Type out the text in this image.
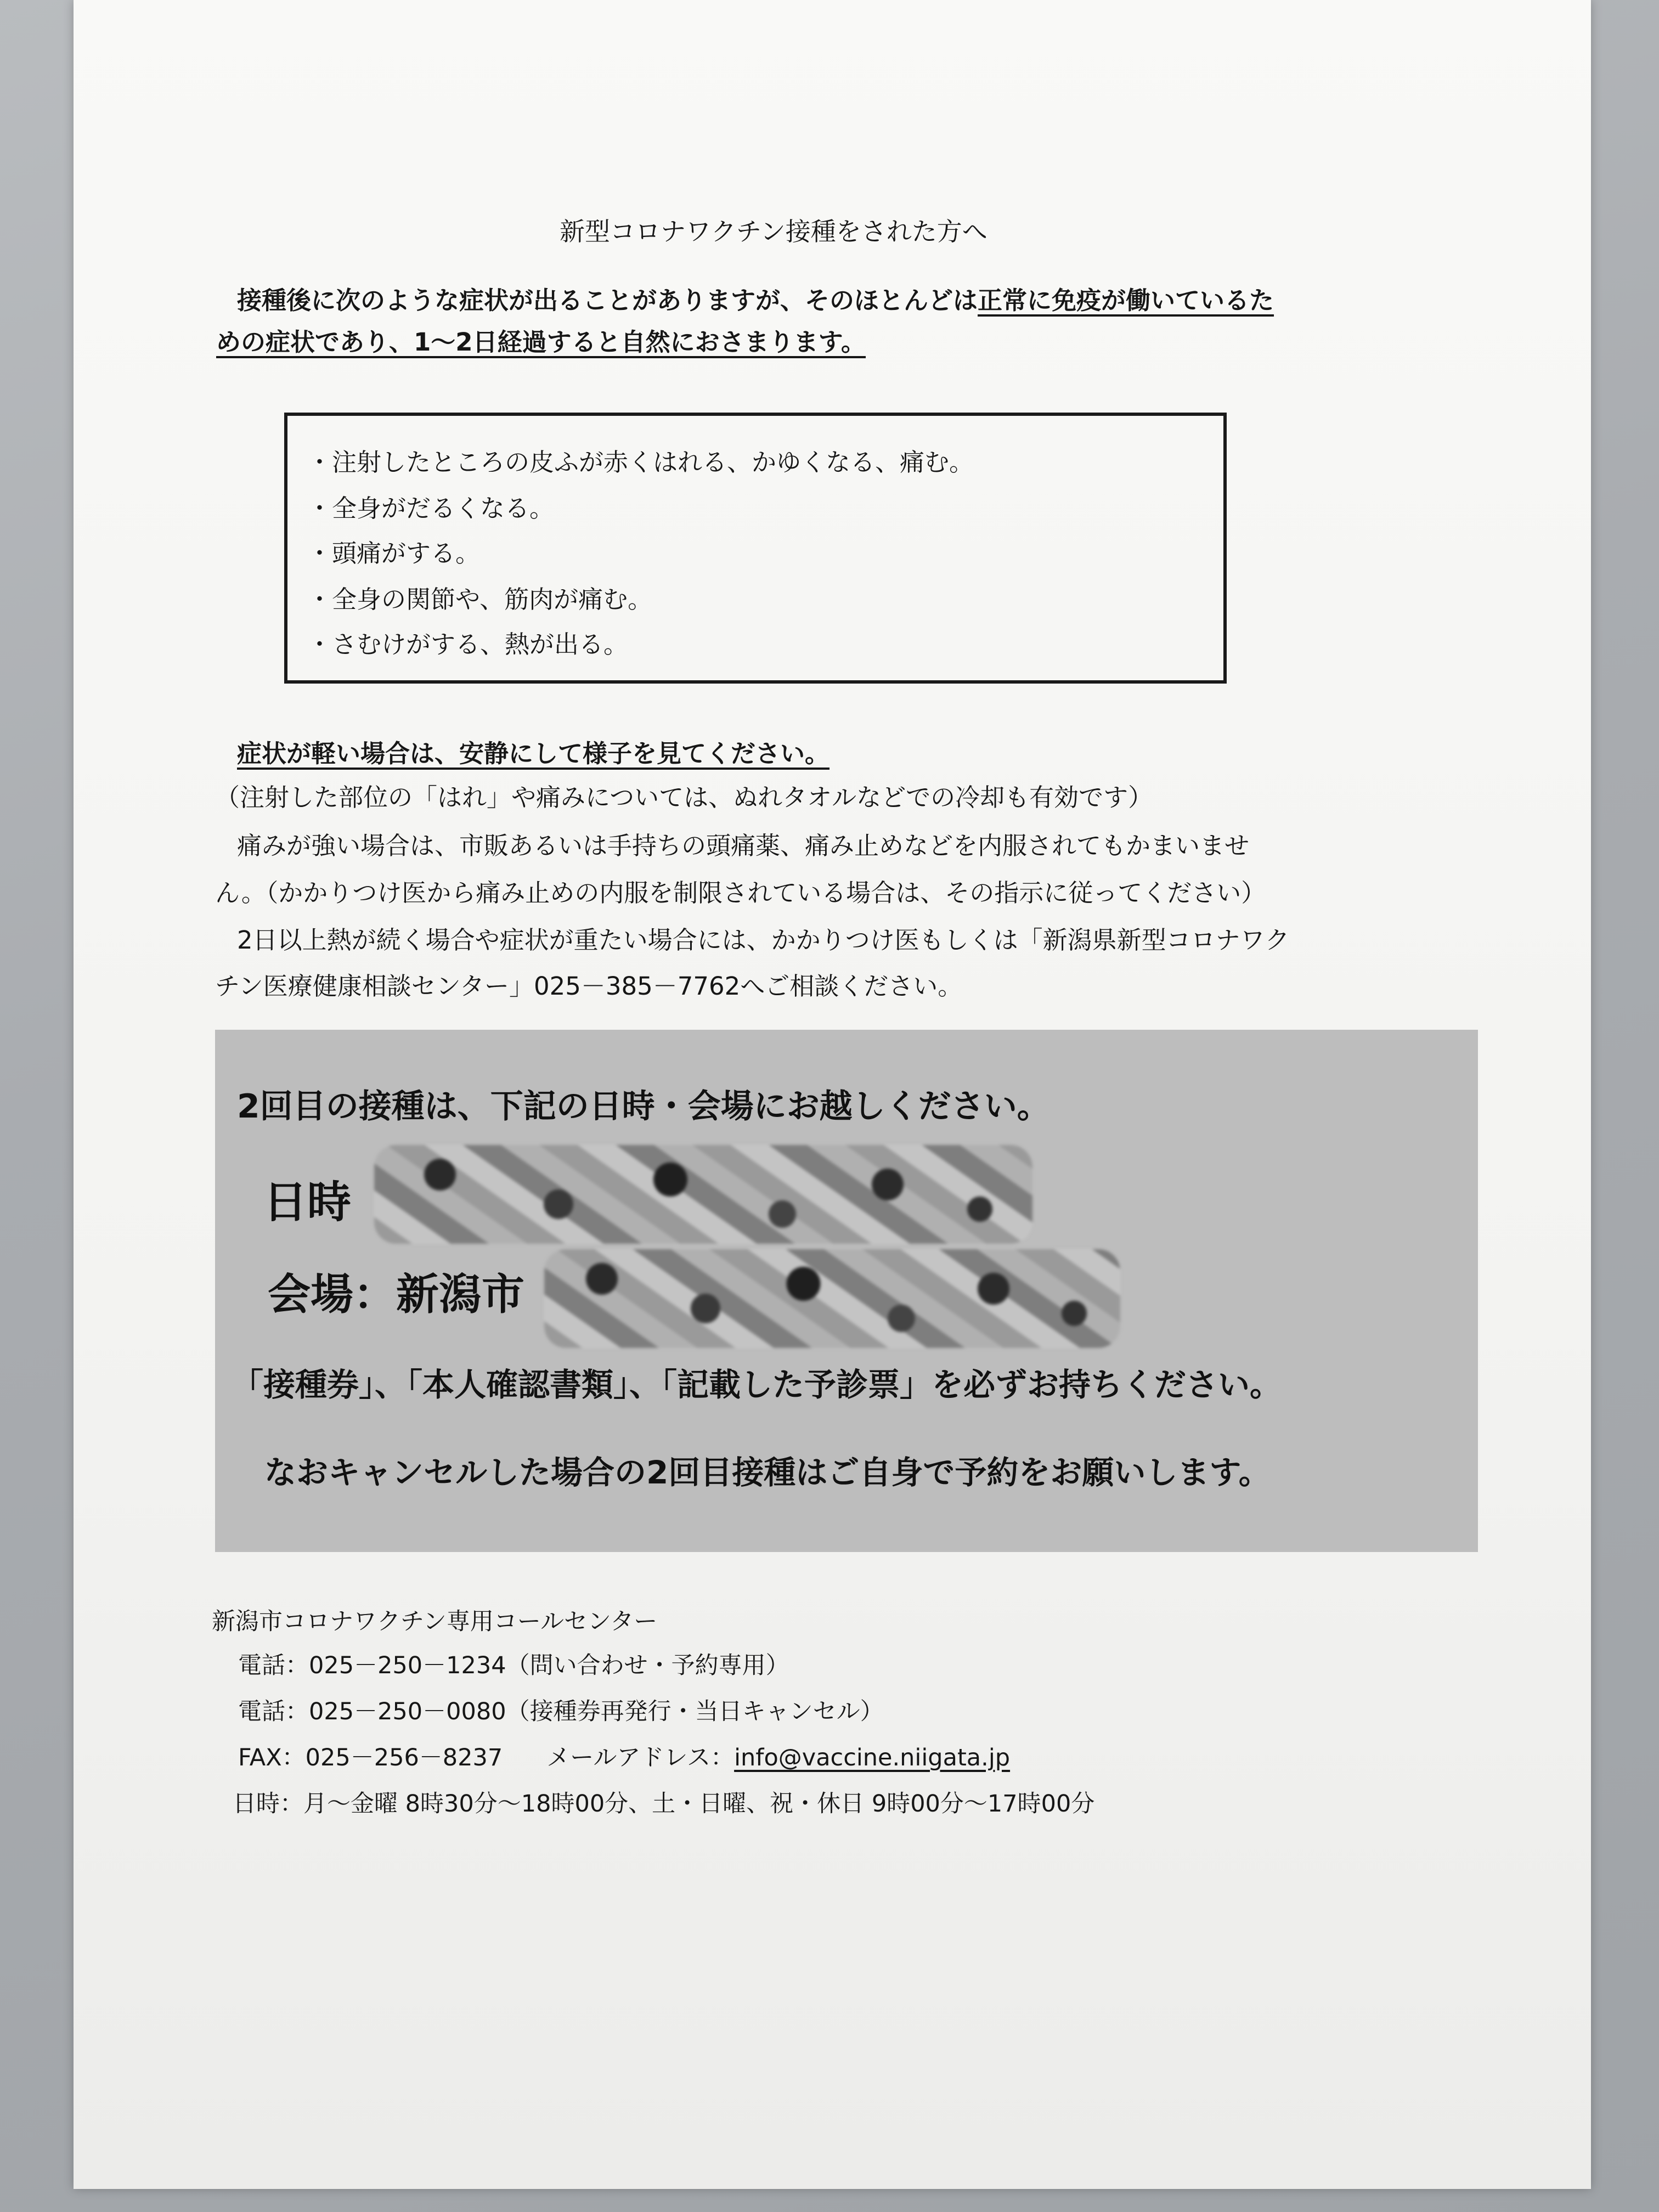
新型コロナワクチン接種をされた方へ
接種後に次のような症状が出ることがありますが、そのほとんどは正常に免疫が働いているた
めの症状であり、1～2日経過すると自然におさまります。
・注射したところの皮ふが赤くはれる、かゆくなる、痛む。
・全身がだるくなる。
・頭痛がする。
・全身の関節や、筋肉が痛む。
・さむけがする、熱が出る。
症状が軽い場合は、安静にして様子を見てください。
（注射した部位の「はれ」や痛みについては、ぬれタオルなどでの冷却も有効です）
痛みが強い場合は、市販あるいは手持ちの頭痛薬、痛み止めなどを内服されてもかまいませ
ん。（かかりつけ医から痛み止めの内服を制限されている場合は、その指示に従ってください）
2日以上熱が続く場合や症状が重たい場合には、かかりつけ医もしくは「新潟県新型コロナワク
チン医療健康相談センター」025－385－7762へご相談ください。
2回目の接種は、下記の日時・会場にお越しください。
日時
会場：新潟市
「接種券」、「本人確認書類」、「記載した予診票」を必ずお持ちください。
なおキャンセルした場合の2回目接種はご自身で予約をお願いします。
新潟市コロナワクチン専用コールセンター
電話：025－250－1234（問い合わせ・予約専用）
電話：025－250－0080（接種券再発行・当日キャンセル）
FAX：025－256－8237 メールアドレス：info@vaccine.niigata.jp
日時：月～金曜 8時30分～18時00分、土・日曜、祝・休日 9時00分～17時00分
